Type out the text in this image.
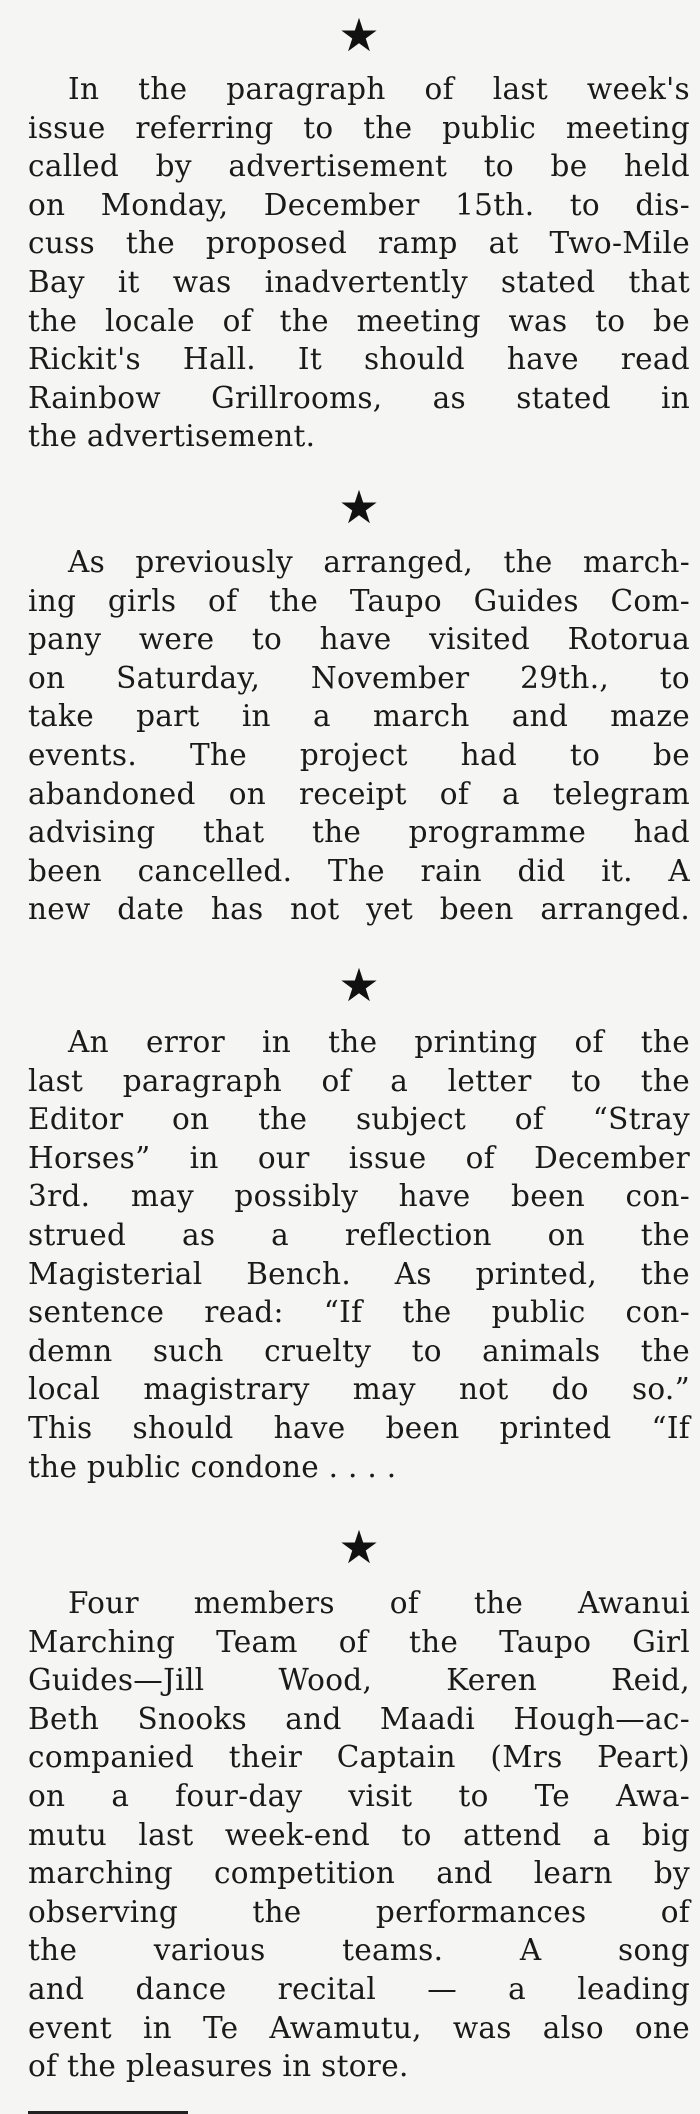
★

In the paragraph of last week's
issue referring to the public meeting
called by advertisement to be held
on Monday, December 15th. to dis-
cuss the proposed ramp at Two-Mile
Bay it was inadvertently stated that
the locale of the meeting was to be
Rickit's Hall. It should have read
Rainbow Grillrooms, as stated in
the advertisement.

★

As previously arranged, the march-
ing girls of the Taupo Guides Com-
pany were to have visited Rotorua
on Saturday, November 29th., to
take part in a march and maze
events. The project had to be
abandoned on receipt of a telegram
advising that the programme had
been cancelled. The rain did it. A
new date has not yet been arranged.

★

An error in the printing of the
last paragraph of a letter to the
Editor on the subject of “Stray
Horses” in our issue of December
3rd. may possibly have been con-
strued as a reflection on the
Magisterial Bench. As printed, the
sentence read: “If the public con-
demn such cruelty to animals the
local magistrary may not do so.”
This should have been printed “If
the public condone . . . .

★

Four members of the Awanui
Marching Team of the Taupo Girl
Guides—Jill Wood, Keren Reid,
Beth Snooks and Maadi Hough—ac-
companied their Captain (Mrs Peart)
on a four-day visit to Te Awa-
mutu last week-end to attend a big
marching competition and learn by
observing the performances of
the various teams. A song
and dance recital — a leading
event in Te Awamutu, was also one
of the pleasures in store.
